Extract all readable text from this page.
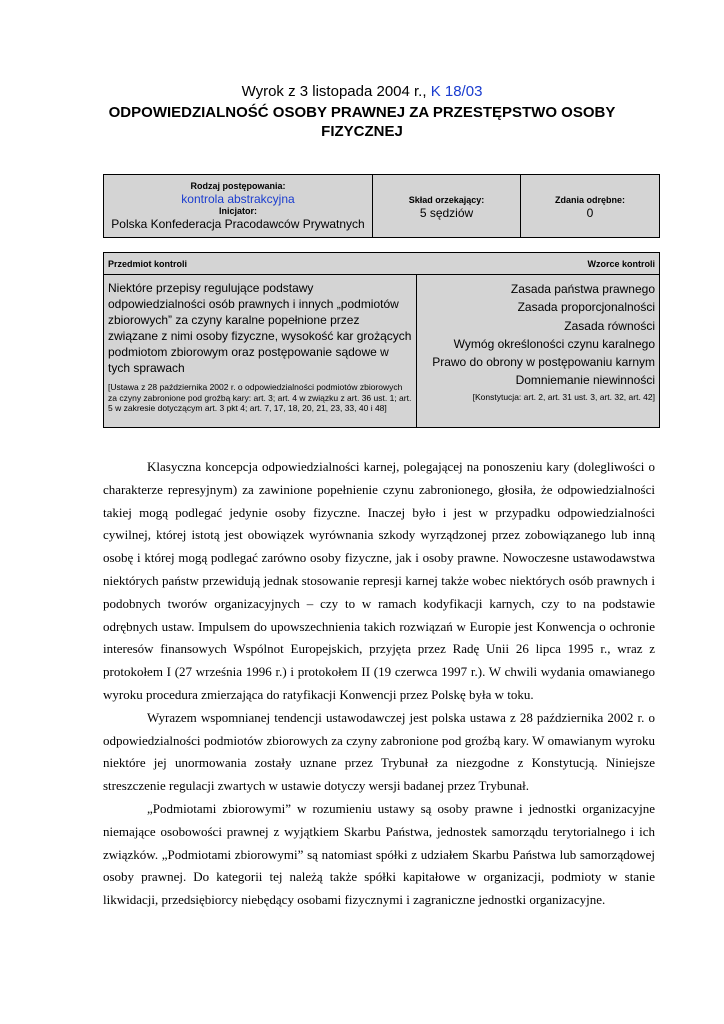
Wyrok z 3 listopada 2004 r., K 18/03
ODPOWIEDZIALNOŚĆ OSOBY PRAWNEJ ZA PRZESTĘPSTWO OSOBY FIZYCZNEJ
Rodzaj postępowania:
kontrola abstrakcyjna
Inicjator:
Polska Konfederacja Pracodawców Prywatnych
Skład orzekający:
5 sędziów
Zdania odrębne:
0
Przedmiot kontroli	Wzorce kontroli
Niektóre przepisy regulujące podstawy odpowiedzialności osób prawnych i innych „podmiotów zbiorowych” za czyny karalne popełnione przez związane z nimi osoby fizyczne, wysokość kar grożących podmiotom zbiorowym oraz postępowanie sądowe w tych sprawach
[Ustawa z 28 października 2002 r. o odpowiedzialności podmiotów zbiorowych za czyny zabronione pod groźbą kary: art. 3; art. 4 w związku z art. 36 ust. 1; art. 5 w zakresie dotyczącym art. 3 pkt 4; art. 7, 17, 18, 20, 21, 23, 33, 40 i 48]
Zasada państwa prawnego
Zasada proporcjonalności
Zasada równości
Wymóg określoności czynu karalnego
Prawo do obrony w postępowaniu karnym
Domniemanie niewinności
[Konstytucja: art. 2, art. 31 ust. 3, art. 32, art. 42]

Klasyczna koncepcja odpowiedzialności karnej, polegającej na ponoszeniu kary (dolegliwości o charakterze represyjnym) za zawinione popełnienie czynu zabronionego, głosiła, że odpowiedzialności takiej mogą podlegać jedynie osoby fizyczne. Inaczej było i jest w przypadku odpowiedzialności cywilnej, której istotą jest obowiązek wyrównania szkody wyrządzonej przez zobowiązanego lub inną osobę i której mogą podlegać zarówno osoby fizyczne, jak i osoby prawne. Nowoczesne ustawodawstwa niektórych państw przewidują jednak stosowanie represji karnej także wobec niektórych osób prawnych i podobnych tworów organizacyjnych – czy to w ramach kodyfikacji karnych, czy to na podstawie odrębnych ustaw. Impulsem do upowszechnienia takich rozwiązań w Europie jest Konwencja o ochronie interesów finansowych Wspólnot Europejskich, przyjęta przez Radę Unii 26 lipca 1995 r., wraz z protokołem I (27 września 1996 r.) i protokołem II (19 czerwca 1997 r.). W chwili wydania omawianego wyroku procedura zmierzająca do ratyfikacji Konwencji przez Polskę była w toku.

Wyrazem wspomnianej tendencji ustawodawczej jest polska ustawa z 28 października 2002 r. o odpowiedzialności podmiotów zbiorowych za czyny zabronione pod groźbą kary. W omawianym wyroku niektóre jej unormowania zostały uznane przez Trybunał za niezgodne z Konstytucją. Niniejsze streszczenie regulacji zwartych w ustawie dotyczy wersji badanej przez Trybunał.

„Podmiotami zbiorowymi” w rozumieniu ustawy są osoby prawne i jednostki organizacyjne niemające osobowości prawnej z wyjątkiem Skarbu Państwa, jednostek samorządu terytorialnego i ich związków. „Podmiotami zbiorowymi” są natomiast spółki z udziałem Skarbu Państwa lub samorządowej osoby prawnej. Do kategorii tej należą także spółki kapitałowe w organizacji, podmioty w stanie likwidacji, przedsiębiorcy niebędący osobami fizycznymi i zagraniczne jednostki organizacyjne.
